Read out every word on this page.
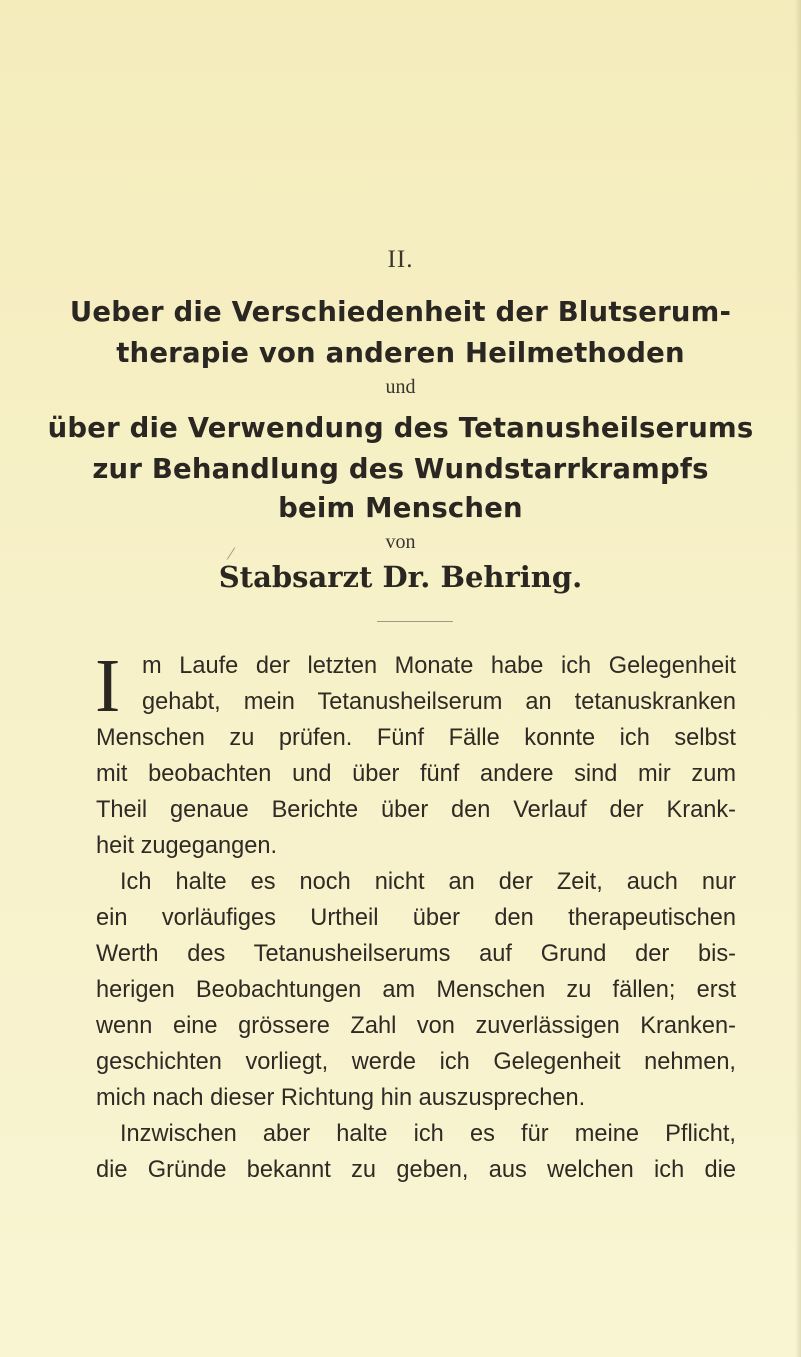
II.
Ueber die Verschiedenheit der Blutserum-
therapie von anderen Heilmethoden
und
über die Verwendung des Tetanusheilserums
zur Behandlung des Wundstarrkrampfs
beim Menschen
von
Stabsarzt Dr. Behring.
/
I m Laufe der letzten Monate habe ich Gelegenheit
gehabt, mein Tetanusheilserum an tetanuskranken
Menschen zu prüfen. Fünf Fälle konnte ich selbst
mit beobachten und über fünf andere sind mir zum
Theil genaue Berichte über den Verlauf der Krank-
heit zugegangen.
Ich halte es noch nicht an der Zeit, auch nur
ein vorläufiges Urtheil über den therapeutischen
Werth des Tetanusheilserums auf Grund der bis-
herigen Beobachtungen am Menschen zu fällen; erst
wenn eine grössere Zahl von zuverlässigen Kranken-
geschichten vorliegt, werde ich Gelegenheit nehmen,
mich nach dieser Richtung hin auszusprechen.
Inzwischen aber halte ich es für meine Pflicht,
die Gründe bekannt zu geben, aus welchen ich die
